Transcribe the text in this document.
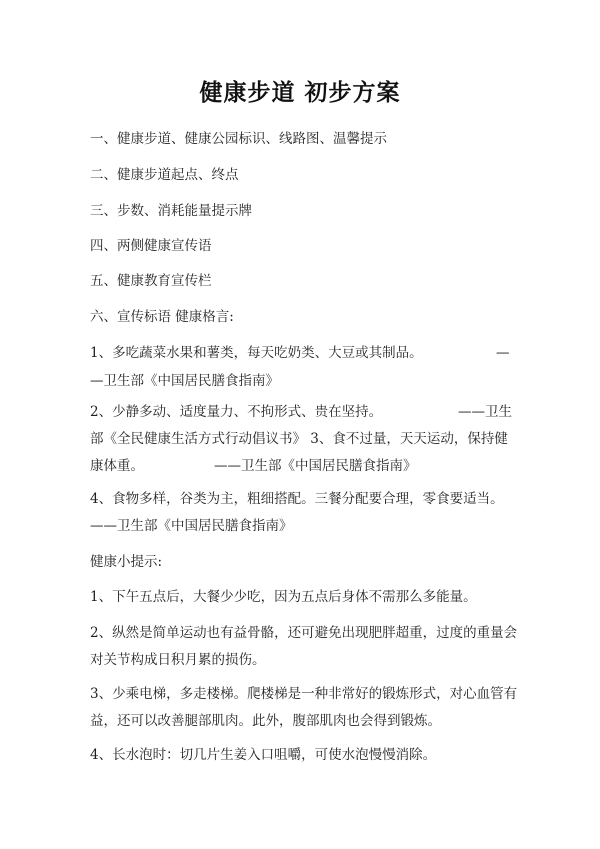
健康步道 初步方案
一、健康步道、健康公园标识、线路图、温馨提示
二、健康步道起点、终点
三、步数、消耗能量提示牌
四、两侧健康宣传语
五、健康教育宣传栏
六、宣传标语 健康格言:
1、多吃蔬菜水果和薯类，每天吃奶类、大豆或其制品。	—
—卫生部《中国居民膳食指南》
2、少静多动、适度量力、不拘形式、贵在坚持。	——卫生
部《全民健康生活方式行动倡议书》 3、食不过量，天天运动，保持健
康体重。	——卫生部《中国居民膳食指南》
4、食物多样，谷类为主，粗细搭配。三餐分配要合理，零食要适当。
——卫生部《中国居民膳食指南》
健康小提示:
1、下午五点后，大餐少少吃，因为五点后身体不需那么多能量。
2、纵然是简单运动也有益骨骼，还可避免出现肥胖超重，过度的重量会
对关节构成日积月累的损伤。
3、少乘电梯，多走楼梯。爬楼梯是一种非常好的锻炼形式，对心血管有
益，还可以改善腿部肌肉。此外，腹部肌肉也会得到锻炼。
4、长水泡时：切几片生姜入口咀嚼，可使水泡慢慢消除。
